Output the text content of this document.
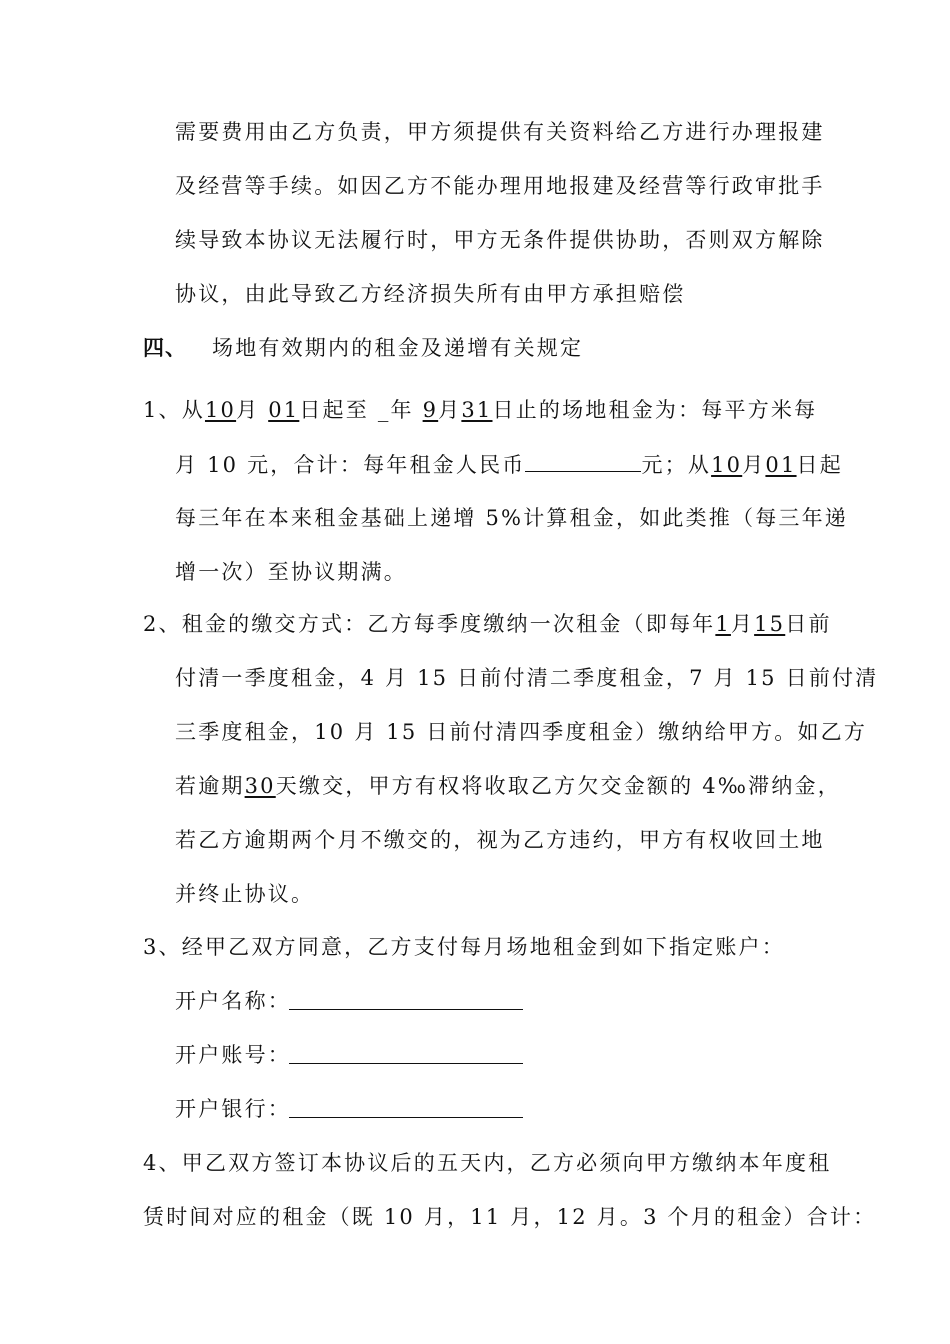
需要费用由乙方负责，甲方须提供有关资料给乙方进行办理报建
及经营等手续。如因乙方不能办理用地报建及经营等行政审批手
续导致本协议无法履行时，甲方无条件提供协助，否则双方解除
协议，由此导致乙方经济损失所有由甲方承担赔偿
四、 场地有效期内的租金及递增有关规定
1、从10月 01日起至 _年 9月31日止的场地租金为：每平方米每
月 10 元，合计：每年租金人民币	元；从10月01日起
每三年在本来租金基础上递增 5%计算租金，如此类推（每三年递
增一次）至协议期满。
2、租金的缴交方式：乙方每季度缴纳一次租金（即每年1月15日前
付清一季度租金，4 月 15 日前付清二季度租金，7 月 15 日前付清
三季度租金，10 月 15 日前付清四季度租金）缴纳给甲方。如乙方
若逾期30天缴交，甲方有权将收取乙方欠交金额的 4‰滞纳金，
若乙方逾期两个月不缴交的，视为乙方违约，甲方有权收回土地
并终止协议。
3、经甲乙双方同意，乙方支付每月场地租金到如下指定账户：
开户名称：
开户账号：
开户银行：
4、甲乙双方签订本协议后的五天内，乙方必须向甲方缴纳本年度租
赁时间对应的租金（既 10 月，11 月，12 月。3 个月的租金）合计：
